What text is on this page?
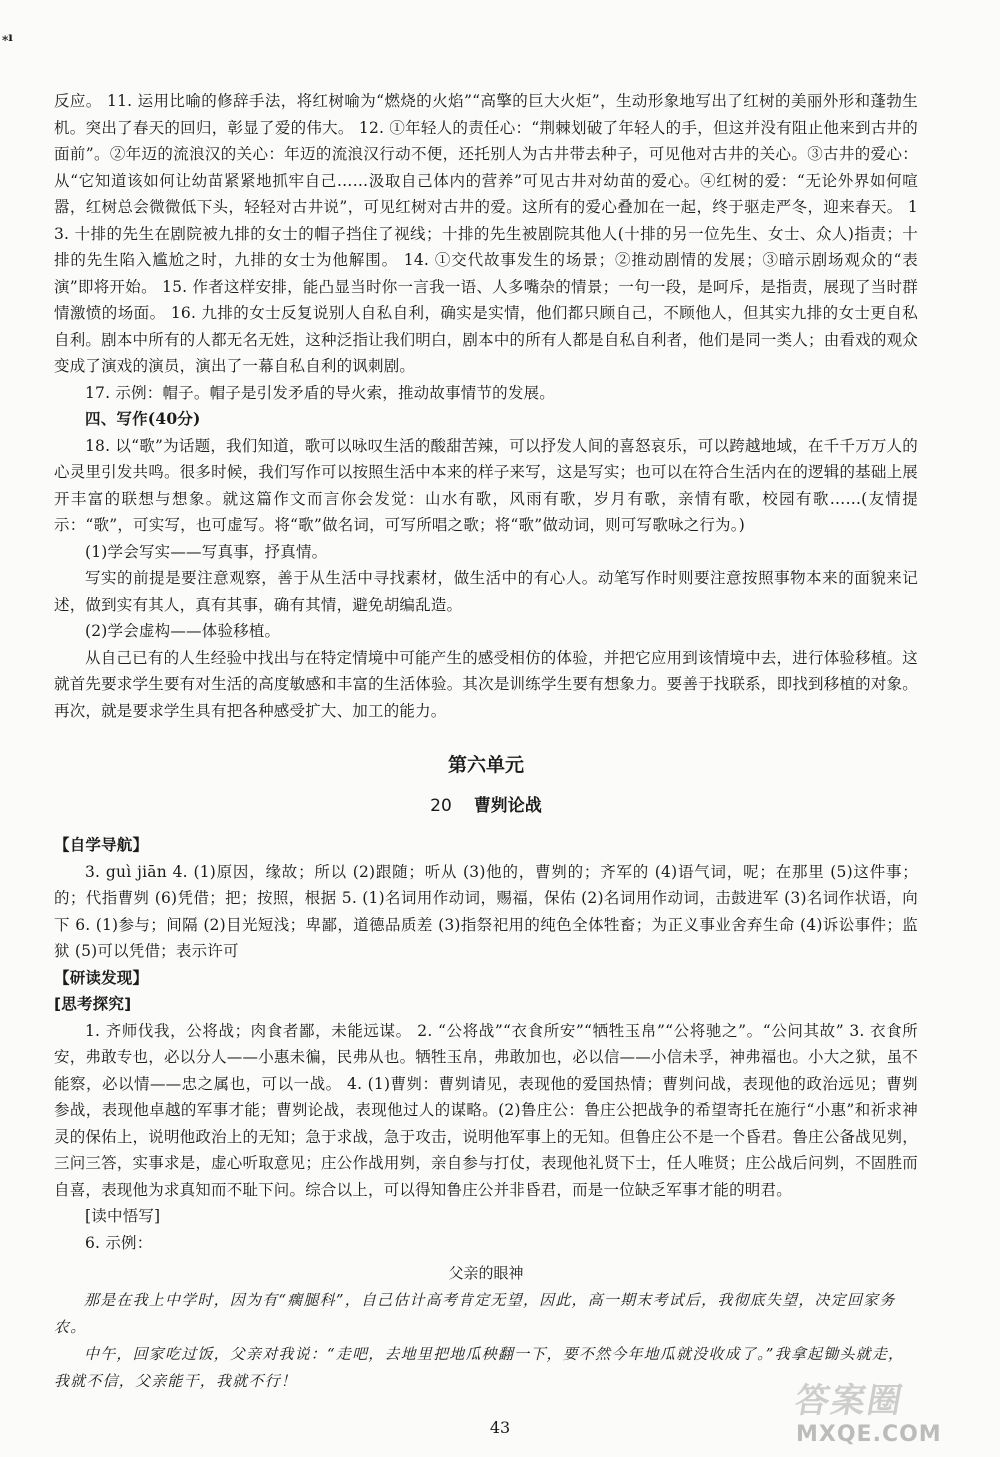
⁎ı

反应。 11. 运用比喻的修辞手法，将红树喻为“燃烧的火焰”“高擎的巨大火炬”，生动形象地写出了红树的美丽外形和蓬勃生机。突出了春天的回归，彰显了爱的伟大。 12. ①年轻人的责任心：“荆棘划破了年轻人的手，但这并没有阻止他来到古井的面前”。②年迈的流浪汉的关心：年迈的流浪汉行动不便，还托别人为古井带去种子，可见他对古井的关心。③古井的爱心：从“它知道该如何让幼苗紧紧地抓牢自己……汲取自己体内的营养”可见古井对幼苗的爱心。④红树的爱：“无论外界如何喧嚣，红树总会微微低下头，轻轻对古井说”，可见红树对古井的爱。这所有的爱心叠加在一起，终于驱走严冬，迎来春天。 13. 十排的先生在剧院被九排的女士的帽子挡住了视线；十排的先生被剧院其他人(十排的另一位先生、女士、众人)指责；十排的先生陷入尴尬之时，九排的女士为他解围。 14. ①交代故事发生的场景；②推动剧情的发展；③暗示剧场观众的“表演”即将开始。 15. 作者这样安排，能凸显当时你一言我一语、人多嘴杂的情景；一句一段，是呵斥，是指责，展现了当时群情激愤的场面。 16. 九排的女士反复说别人自私自利，确实是实情，他们都只顾自己，不顾他人，但其实九排的女士更自私自利。剧本中所有的人都无名无姓，这种泛指让我们明白，剧本中的所有人都是自私自利者，他们是同一类人；由看戏的观众变成了演戏的演员，演出了一幕自私自利的讽刺剧。

17. 示例：帽子。帽子是引发矛盾的导火索，推动故事情节的发展。

四、写作(40分)

18. 以“歌”为话题，我们知道，歌可以咏叹生活的酸甜苦辣，可以抒发人间的喜怒哀乐，可以跨越地域，在千千万万人的心灵里引发共鸣。很多时候，我们写作可以按照生活中本来的样子来写，这是写实；也可以在符合生活内在的逻辑的基础上展开丰富的联想与想象。就这篇作文而言你会发觉：山水有歌，风雨有歌，岁月有歌，亲情有歌，校园有歌……(友情提示：“歌”，可实写，也可虚写。将“歌”做名词，可写所唱之歌；将“歌”做动词，则可写歌咏之行为。)

(1)学会写实——写真事，抒真情。

写实的前提是要注意观察，善于从生活中寻找素材，做生活中的有心人。动笔写作时则要注意按照事物本来的面貌来记述，做到实有其人，真有其事，确有其情，避免胡编乱造。

(2)学会虚构——体验移植。

从自己已有的人生经验中找出与在特定情境中可能产生的感受相仿的体验，并把它应用到该情境中去，进行体验移植。这就首先要求学生要有对生活的高度敏感和丰富的生活体验。其次是训练学生要有想象力。要善于找联系，即找到移植的对象。再次，就是要求学生具有把各种感受扩大、加工的能力。

第六单元
20 曹刿论战

【自学导航】

3. guì jiān 4. (1)原因，缘故；所以 (2)跟随；听从 (3)他的，曹刿的；齐军的 (4)语气词，呢；在那里 (5)这件事；的；代指曹刿 (6)凭借；把；按照，根据 5. (1)名词用作动词，赐福，保佑 (2)名词用作动词，击鼓进军 (3)名词作状语，向下 6. (1)参与；间隔 (2)目光短浅；卑鄙，道德品质差 (3)指祭祀用的纯色全体牲畜；为正义事业舍弃生命 (4)诉讼事件；监狱 (5)可以凭借；表示许可

【研读发现】

[思考探究]

1. 齐师伐我，公将战；肉食者鄙，未能远谋。 2. “公将战”“衣食所安”“牺牲玉帛”“公将驰之”。“公问其故” 3. 衣食所安，弗敢专也，必以分人——小惠未徧，民弗从也。牺牲玉帛，弗敢加也，必以信——小信未孚，神弗福也。小大之狱，虽不能察，必以情——忠之属也，可以一战。 4. (1)曹刿：曹刿请见，表现他的爱国热情；曹刿问战，表现他的政治远见；曹刿参战，表现他卓越的军事才能；曹刿论战，表现他过人的谋略。(2)鲁庄公：鲁庄公把战争的希望寄托在施行“小惠”和祈求神灵的保佑上，说明他政治上的无知；急于求战，急于攻击，说明他军事上的无知。但鲁庄公不是一个昏君。鲁庄公备战见刿，三问三答，实事求是，虚心听取意见；庄公作战用刿，亲自参与打仗，表现他礼贤下士，任人唯贤；庄公战后问刿，不固胜而自喜，表现他为求真知而不耻下问。综合以上，可以得知鲁庄公并非昏君，而是一位缺乏军事才能的明君。

[读中悟写]

6. 示例：

父亲的眼神

那是在我上中学时，因为有“瘸腿科”，自己估计高考肯定无望，因此，高一期末考试后，我彻底失望，决定回家务农。

中午，回家吃过饭，父亲对我说：“走吧，去地里把地瓜秧翻一下，要不然今年地瓜就没收成了。”我拿起锄头就走，我就不信，父亲能干，我就不行！

43
答案圈
MXQE.COM
